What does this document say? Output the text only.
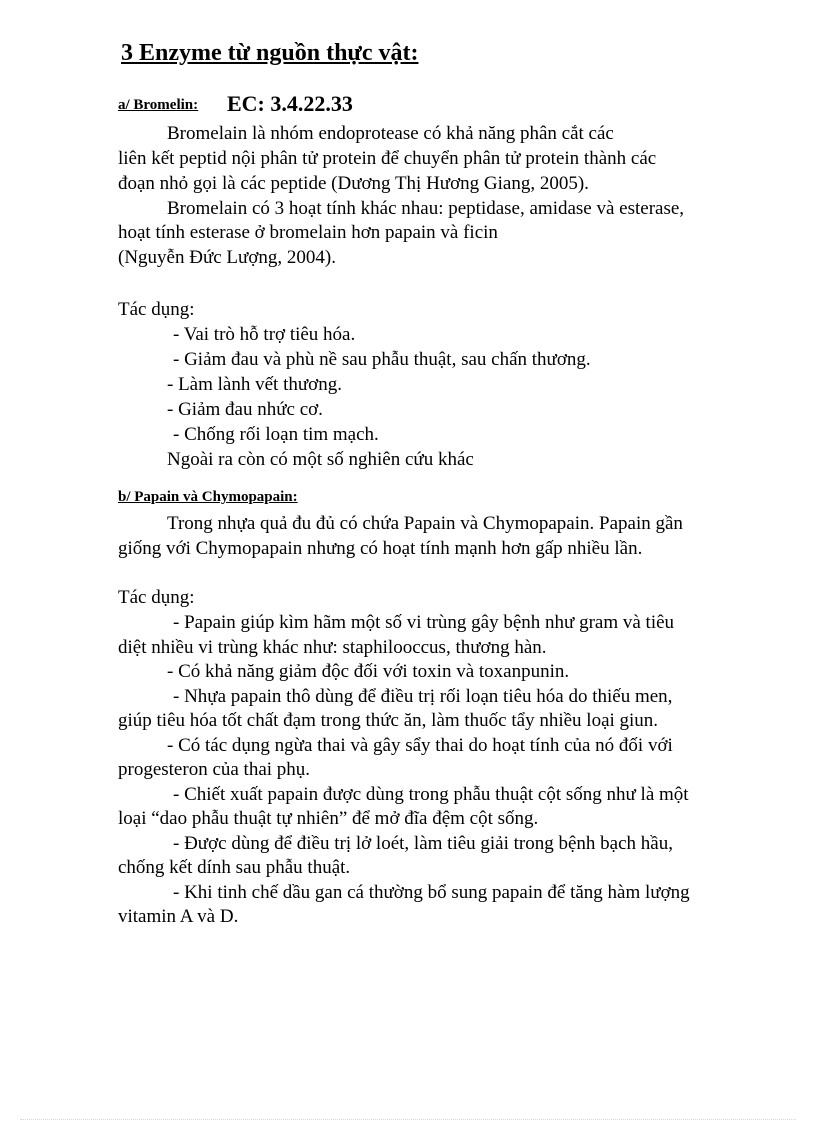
3 Enzyme từ nguồn thực vật:
a/ Bromelin: EC: 3.4.22.33
Bromelain là nhóm endoprotease có khả năng phân cắt các
liên kết peptid nội phân tử protein để chuyển phân tử protein thành các
đoạn nhỏ gọi là các peptide (Dương Thị Hương Giang, 2005).
Bromelain có 3 hoạt tính khác nhau: peptidase, amidase và esterase,
hoạt tính esterase ở bromelain hơn papain và ficin
(Nguyễn Đức Lượng, 2004).
Tác dụng:
- Vai trò hỗ trợ tiêu hóa.
- Giảm đau và phù nề sau phẫu thuật, sau chấn thương.
- Làm lành vết thương.
- Giảm đau nhức cơ.
- Chống rối loạn tim mạch.
Ngoài ra còn có một số nghiên cứu khác
b/ Papain và Chymopapain:
Trong nhựa quả đu đủ có chứa Papain và Chymopapain. Papain gần
giống với Chymopapain nhưng có hoạt tính mạnh hơn gấp nhiều lần.
Tác dụng:
- Papain giúp kìm hãm một số vi trùng gây bệnh như gram và tiêu
diệt nhiều vi trùng khác như: staphilooccus, thương hàn.
- Có khả năng giảm độc đối với toxin và toxanpunin.
- Nhựa papain thô dùng để điều trị rối loạn tiêu hóa do thiếu men,
giúp tiêu hóa tốt chất đạm trong thức ăn, làm thuốc tẩy nhiều loại giun.
- Có tác dụng ngừa thai và gây sẩy thai do hoạt tính của nó đối với
progesteron của thai phụ.
- Chiết xuất papain được dùng trong phẫu thuật cột sống như là một
loại “dao phẫu thuật tự nhiên” để mở đĩa đệm cột sống.
- Được dùng để điều trị lở loét, làm tiêu giải trong bệnh bạch hầu,
chống kết dính sau phẫu thuật.
- Khi tinh chế dầu gan cá thường bổ sung papain để tăng hàm lượng
vitamin A và D.
